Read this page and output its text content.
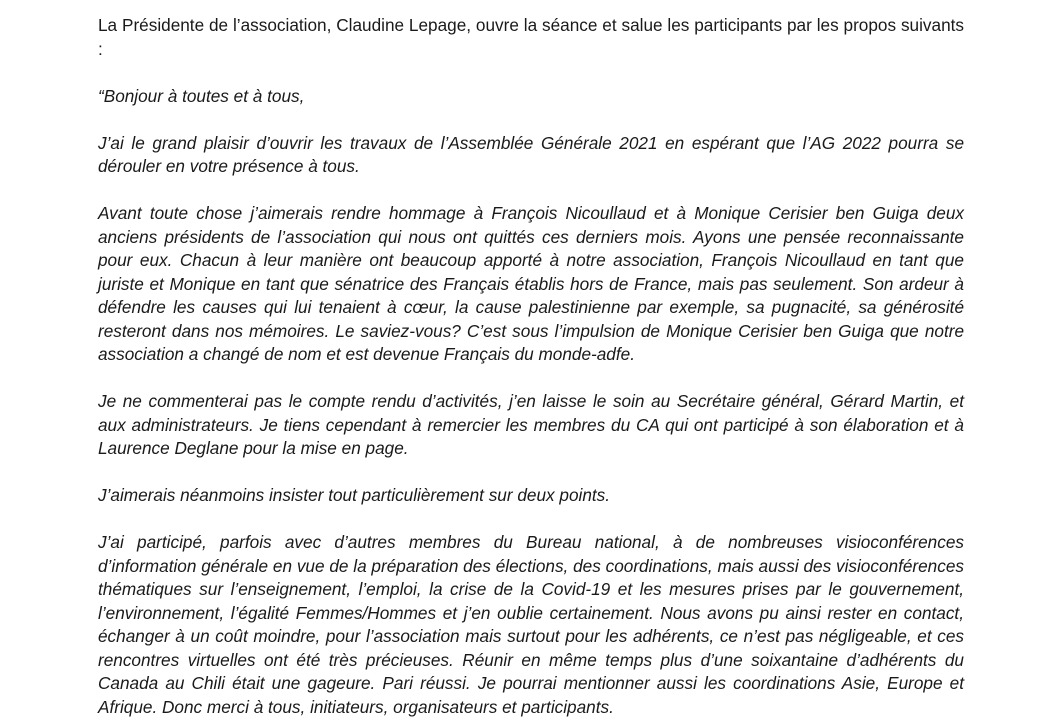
La Présidente de l’association, Claudine Lepage, ouvre la séance et salue les participants par les propos suivants :

“Bonjour à toutes et à tous,

J’ai le grand plaisir d’ouvrir les travaux de l’Assemblée Générale 2021 en espérant que l’AG 2022 pourra se dérouler en votre présence à tous.

Avant toute chose j’aimerais rendre hommage à François Nicoullaud et à Monique Cerisier ben Guiga deux anciens présidents de l’association qui nous ont quittés ces derniers mois. Ayons une pensée reconnaissante pour eux. Chacun à leur manière ont beaucoup apporté à notre association, François Nicoullaud en tant que juriste et Monique en tant que sénatrice des Français établis hors de France, mais pas seulement. Son ardeur à défendre les causes qui lui tenaient à cœur, la cause palestinienne par exemple, sa pugnacité, sa générosité resteront dans nos mémoires. Le saviez-vous? C’est sous l’impulsion de Monique Cerisier ben Guiga que notre association a changé de nom et est devenue Français du monde-adfe.

Je ne commenterai pas le compte rendu d’activités, j’en laisse le soin au Secrétaire général, Gérard Martin, et aux administrateurs. Je tiens cependant à remercier les membres du CA qui ont participé à son élaboration et à Laurence Deglane pour la mise en page.

J’aimerais néanmoins insister tout particulièrement sur deux points.

J’ai participé, parfois avec d’autres membres du Bureau national, à de nombreuses visioconférences d’information générale en vue de la préparation des élections, des coordinations, mais aussi des visioconférences thématiques sur l’enseignement, l’emploi, la crise de la Covid-19 et les mesures prises par le gouvernement, l’environnement, l’égalité Femmes/Hommes et j’en oublie certainement. Nous avons pu ainsi rester en contact, échanger à un coût moindre, pour l’association mais surtout pour les adhérents, ce n’est pas négligeable, et ces rencontres virtuelles ont été très précieuses. Réunir en même temps plus d’une soixantaine d’adhérents du Canada au Chili était une gageure. Pari réussi. Je pourrai mentionner aussi les coordinations Asie, Europe et Afrique. Donc merci à tous, initiateurs, organisateurs et participants.
